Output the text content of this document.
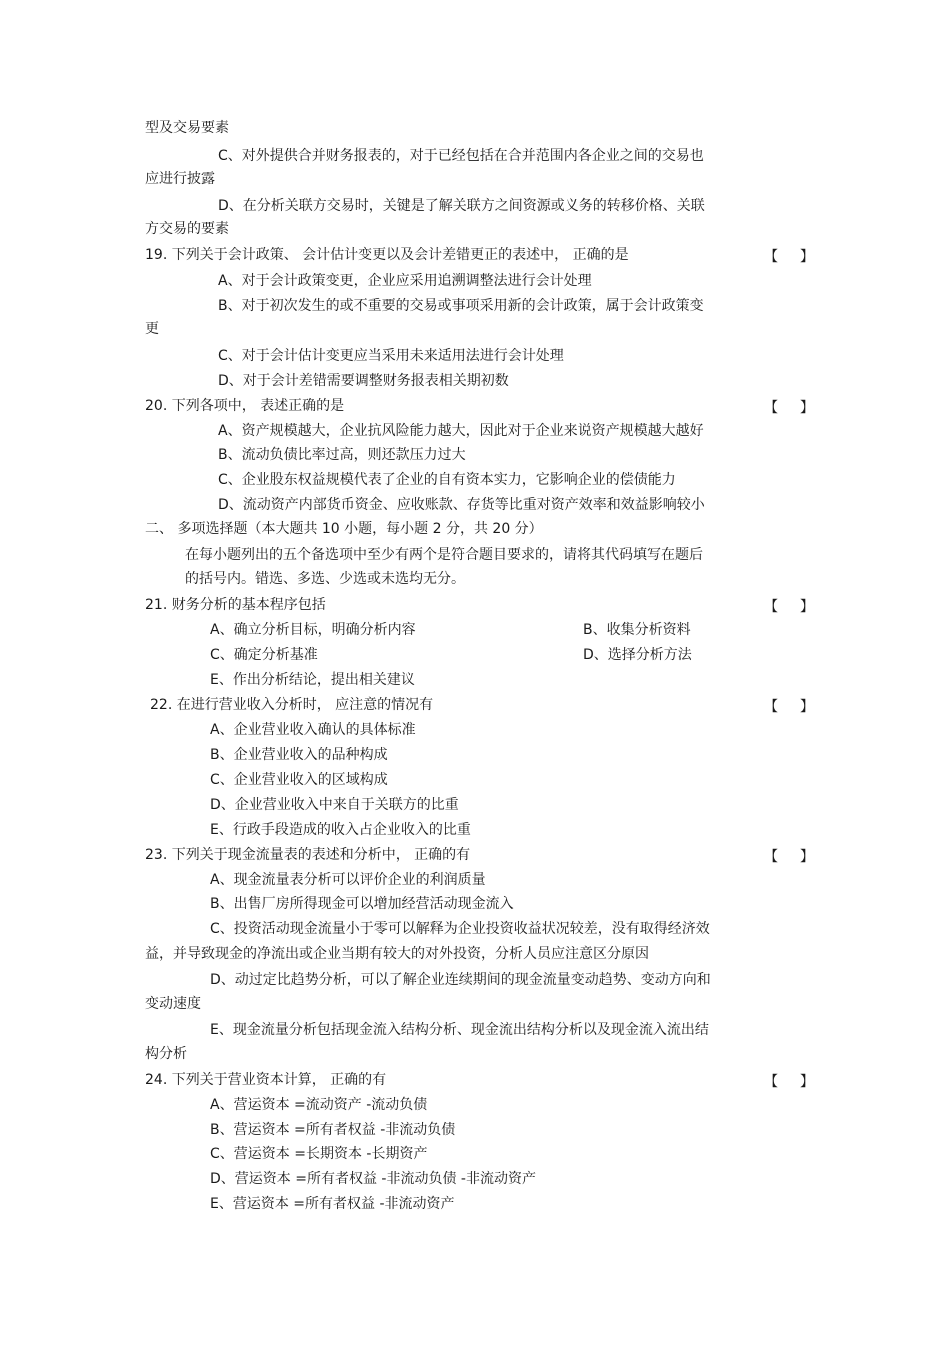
型及交易要素
C、对外提供合并财务报表的，对于已经包括在合并范围内各企业之间的交易也
应进行披露
D、在分析关联方交易时，关键是了解关联方之间资源或义务的转移价格、关联
方交易的要素
19. 下列关于会计政策、 会计估计变更以及会计差错更正的表述中， 正确的是	【 】
A、对于会计政策变更，企业应采用追溯调整法进行会计处理
B、对于初次发生的或不重要的交易或事项采用新的会计政策，属于会计政策变
更
C、对于会计估计变更应当采用未来适用法进行会计处理
D、对于会计差错需要调整财务报表相关期初数
20. 下列各项中， 表述正确的是	【 】
A、资产规模越大，企业抗风险能力越大，因此对于企业来说资产规模越大越好
B、流动负债比率过高，则还款压力过大
C、企业股东权益规模代表了企业的自有资本实力，它影响企业的偿债能力
D、流动资产内部货币资金、应收账款、存货等比重对资产效率和效益影响较小
二、 多项选择题（本大题共 10 小题，每小题 2 分，共 20 分）
在每小题列出的五个备选项中至少有两个是符合题目要求的，请将其代码填写在题后
的括号内。错选、多选、少选或未选均无分。
21. 财务分析的基本程序包括	【 】
A、确立分析目标，明确分析内容	B、收集分析资料
C、确定分析基准	D、选择分析方法
E、作出分析结论，提出相关建议
22. 在进行营业收入分析时， 应注意的情况有	【 】
A、企业营业收入确认的具体标准
B、企业营业收入的品种构成
C、企业营业收入的区域构成
D、企业营业收入中来自于关联方的比重
E、行政手段造成的收入占企业收入的比重
23. 下列关于现金流量表的表述和分析中， 正确的有	【 】
A、现金流量表分析可以评价企业的利润质量
B、出售厂房所得现金可以增加经营活动现金流入
C、投资活动现金流量小于零可以解释为企业投资收益状况较差，没有取得经济效
益，并导致现金的净流出或企业当期有较大的对外投资，分析人员应注意区分原因
D、动过定比趋势分析，可以了解企业连续期间的现金流量变动趋势、变动方向和
变动速度
E、现金流量分析包括现金流入结构分析、现金流出结构分析以及现金流入流出结
构分析
24. 下列关于营业资本计算， 正确的有	【 】
A、营运资本 =流动资产 -流动负债
B、营运资本 =所有者权益 -非流动负债
C、营运资本 =长期资本 -长期资产
D、营运资本 =所有者权益 -非流动负债 -非流动资产
E、营运资本 =所有者权益 -非流动资产
